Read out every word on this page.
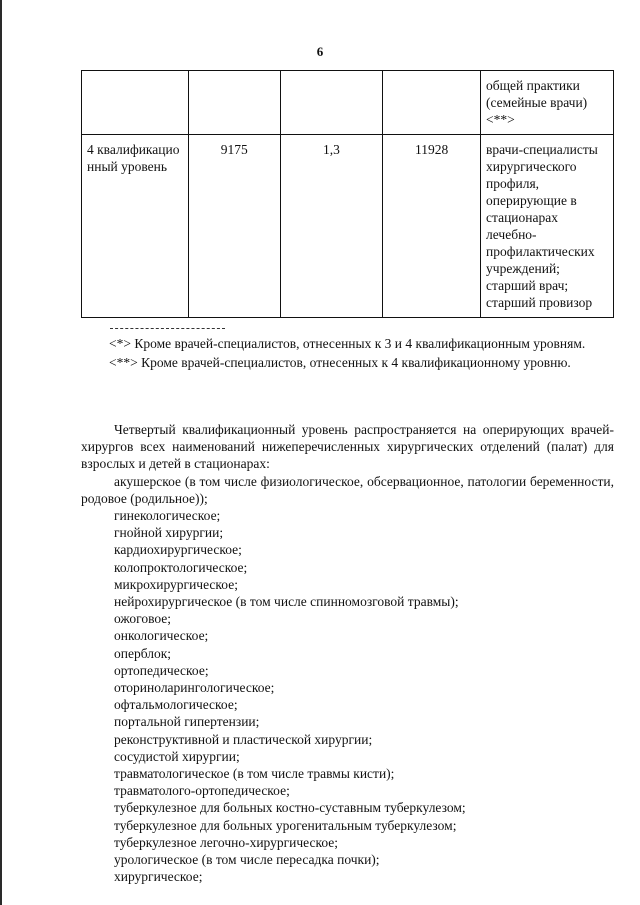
6
				общей практики (семейные врачи) <**>
4 квалификацио нный уровень	9175	1,3	11928	врачи-специалисты хирургического профиля, оперирующие в стационарах лечебно-профилактических учреждений; старший врач; старший провизор

<*> Кроме врачей-специалистов, отнесенных к 3 и 4 квалификационным уровням.

<**> Кроме врачей-специалистов, отнесенных к 4 квалификационному уровню.

Четвертый квалификационный уровень распространяется на оперирующих врачей-хирургов всех наименований нижеперечисленных хирургических отделений (палат) для взрослых и детей в стационарах:

акушерское (в том числе физиологическое, обсервационное, патологии беременности, родовое (родильное));

гинекологическое;
гнойной хирургии;
кардиохирургическое;
колопроктологическое;
микрохирургическое;
нейрохирургическое (в том числе спинномозговой травмы);
ожоговое;
онкологическое;
оперблок;
ортопедическое;
оториноларингологическое;
офтальмологическое;
портальной гипертензии;
реконструктивной и пластической хирургии;
сосудистой хирургии;
травматологическое (в том числе травмы кисти);
травматолого-ортопедическое;
туберкулезное для больных костно-суставным туберкулезом;
туберкулезное для больных урогенитальным туберкулезом;
туберкулезное легочно-хирургическое;
урологическое (в том числе пересадка почки);
хирургическое;
